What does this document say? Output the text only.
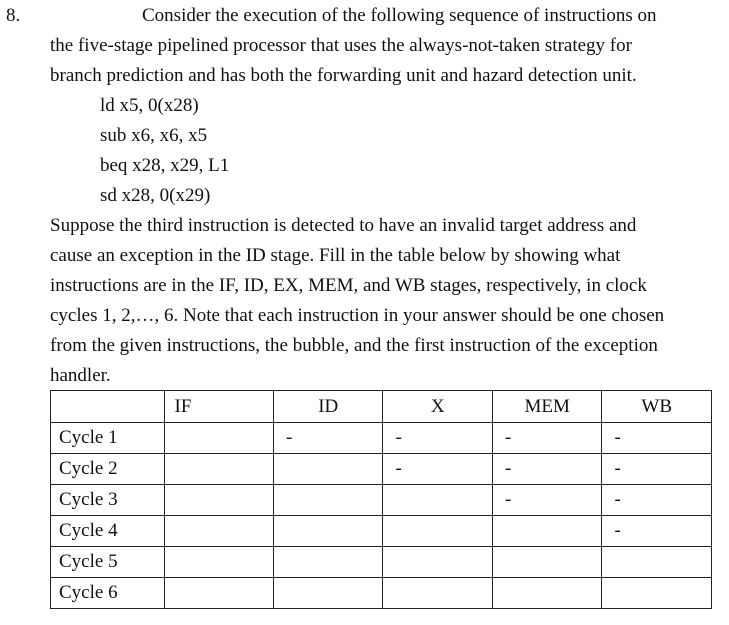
8.	Consider the execution of the following sequence of instructions on
the five-stage pipelined processor that uses the always-not-taken strategy for
branch prediction and has both the forwarding unit and hazard detection unit.
ld x5, 0(x28)
sub x6, x6, x5
beq x28, x29, L1
sd x28, 0(x29)
Suppose the third instruction is detected to have an invalid target address and
cause an exception in the ID stage. Fill in the table below by showing what
instructions are in the IF, ID, EX, MEM, and WB stages, respectively, in clock
cycles 1, 2,…, 6. Note that each instruction in your answer should be one chosen
from the given instructions, the bubble, and the first instruction of the exception
handler.
	IF	ID	X	MEM	WB
Cycle 1		-	-	-	-
Cycle 2			-	-	-
Cycle 3				-	-
Cycle 4					-
Cycle 5					
Cycle 6					
